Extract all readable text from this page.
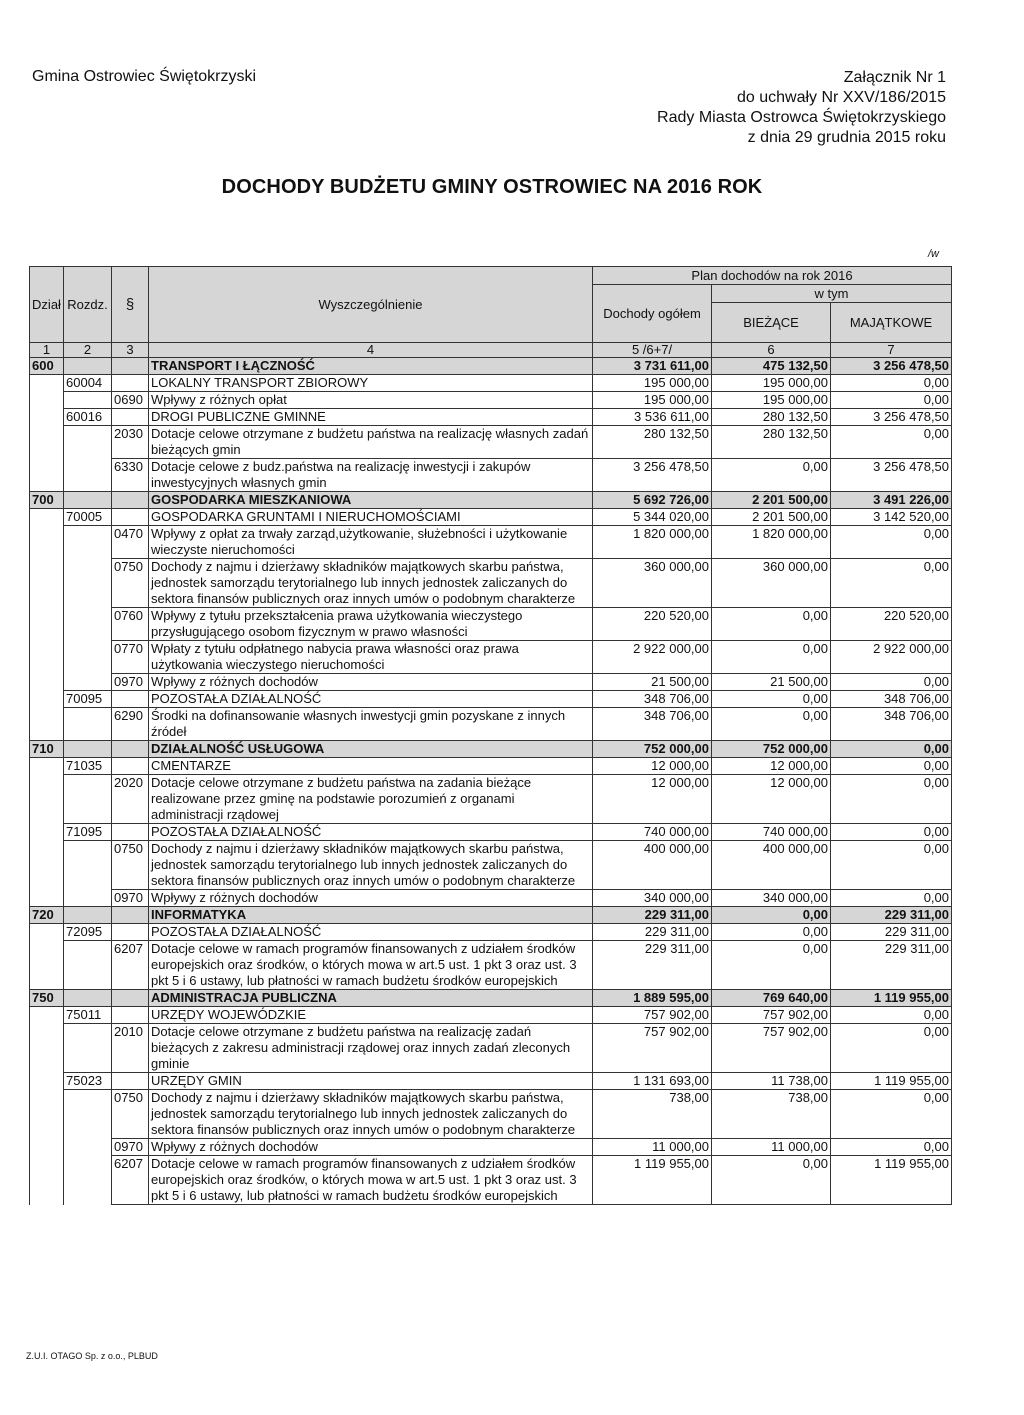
Gmina Ostrowiec Świętokrzyski	Załącznik Nr 1
do uchwały Nr XXV/186/2015
Rady Miasta Ostrowca Świętokrzyskiego
z dnia 29 grudnia 2015 roku
DOCHODY BUDŻETU GMINY OSTROWIEC NA 2016 ROK
/w
Dział	Rozdz.	§	Wyszczególnienie	Plan dochodów na rok 2016		
				Dochody ogółem	w tym	
					BIEŻĄCE	MAJĄTKOWE
1	2	3	4	5 /6+7/	6	7
600			TRANSPORT I ŁĄCZNOŚĆ	3 731 611,00	475 132,50	3 256 478,50
	60004		LOKALNY TRANSPORT ZBIOROWY	195 000,00	195 000,00	0,00
		0690	Wpływy z różnych opłat	195 000,00	195 000,00	0,00
	60016		DROGI PUBLICZNE GMINNE	3 536 611,00	280 132,50	3 256 478,50
		2030	Dotacje celowe otrzymane z budżetu państwa na realizację własnych zadań bieżących gmin	280 132,50	280 132,50	0,00
		6330	Dotacje celowe z budz.państwa na realizację inwestycji i zakupów inwestycyjnych własnych gmin	3 256 478,50	0,00	3 256 478,50
700			GOSPODARKA MIESZKANIOWA	5 692 726,00	2 201 500,00	3 491 226,00
	70005		GOSPODARKA GRUNTAMI I NIERUCHOMOŚCIAMI	5 344 020,00	2 201 500,00	3 142 520,00
		0470	Wpływy z opłat za trwały zarząd,użytkowanie, służebności i użytkowanie wieczyste nieruchomości	1 820 000,00	1 820 000,00	0,00
		0750	Dochody z najmu i dzierżawy składników majątkowych skarbu państwa, jednostek samorządu terytorialnego lub innych jednostek zaliczanych do sektora finansów publicznych oraz innych umów o podobnym charakterze	360 000,00	360 000,00	0,00
		0760	Wpływy z tytułu przekształcenia prawa użytkowania wieczystego przysługującego osobom fizycznym w prawo własności	220 520,00	0,00	220 520,00
		0770	Wpłaty z tytułu odpłatnego nabycia prawa własności oraz prawa użytkowania wieczystego nieruchomości	2 922 000,00	0,00	2 922 000,00
		0970	Wpływy z różnych dochodów	21 500,00	21 500,00	0,00
	70095		POZOSTAŁA DZIAŁALNOŚĆ	348 706,00	0,00	348 706,00
		6290	Środki na dofinansowanie własnych inwestycji gmin pozyskane z innych źródeł	348 706,00	0,00	348 706,00
710			DZIAŁALNOŚĆ USŁUGOWA	752 000,00	752 000,00	0,00
	71035		CMENTARZE	12 000,00	12 000,00	0,00
		2020	Dotacje celowe otrzymane z budżetu państwa na zadania bieżące realizowane przez gminę na podstawie porozumień z organami administracji rządowej	12 000,00	12 000,00	0,00
	71095		POZOSTAŁA DZIAŁALNOŚĆ	740 000,00	740 000,00	0,00
		0750	Dochody z najmu i dzierżawy składników majątkowych skarbu państwa, jednostek samorządu terytorialnego lub innych jednostek zaliczanych do sektora finansów publicznych oraz innych umów o podobnym charakterze	400 000,00	400 000,00	0,00
		0970	Wpływy z różnych dochodów	340 000,00	340 000,00	0,00
720			INFORMATYKA	229 311,00	0,00	229 311,00
	72095		POZOSTAŁA DZIAŁALNOŚĆ	229 311,00	0,00	229 311,00
		6207	Dotacje celowe w ramach programów finansowanych z udziałem środków europejskich oraz środków, o których mowa w art.5 ust. 1 pkt 3 oraz ust. 3 pkt 5 i 6 ustawy, lub płatności w ramach budżetu środków europejskich	229 311,00	0,00	229 311,00
750			ADMINISTRACJA PUBLICZNA	1 889 595,00	769 640,00	1 119 955,00
	75011		URZĘDY WOJEWÓDZKIE	757 902,00	757 902,00	0,00
		2010	Dotacje celowe otrzymane z budżetu państwa na realizację zadań bieżących z zakresu administracji rządowej oraz innych zadań zleconych gminie	757 902,00	757 902,00	0,00
	75023		URZĘDY GMIN	1 131 693,00	11 738,00	1 119 955,00
		0750	Dochody z najmu i dzierżawy składników majątkowych skarbu państwa, jednostek samorządu terytorialnego lub innych jednostek zaliczanych do sektora finansów publicznych oraz innych umów o podobnym charakterze	738,00	738,00	0,00
		0970	Wpływy z różnych dochodów	11 000,00	11 000,00	0,00
		6207	Dotacje celowe w ramach programów finansowanych z udziałem środków europejskich oraz środków, o których mowa w art.5 ust. 1 pkt 3 oraz ust. 3 pkt 5 i 6 ustawy, lub płatności w ramach budżetu środków europejskich	1 119 955,00	0,00	1 119 955,00
Z.U.I. OTAGO Sp. z o.o., PLBUD
